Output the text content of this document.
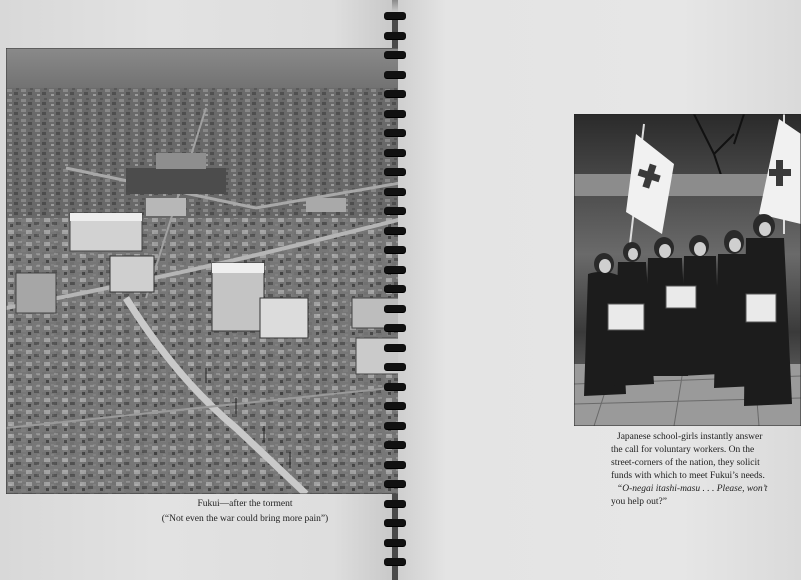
Fukui—after the torment
(“Not even the war could bring more pain”)
Japanese school-girls instantly answer
the call for voluntary workers. On the
street-corners of the nation, they solicit
funds with which to meet Fukui’s needs.
“O-negai itashi-masu . . . Please, won’t
you help out?”
